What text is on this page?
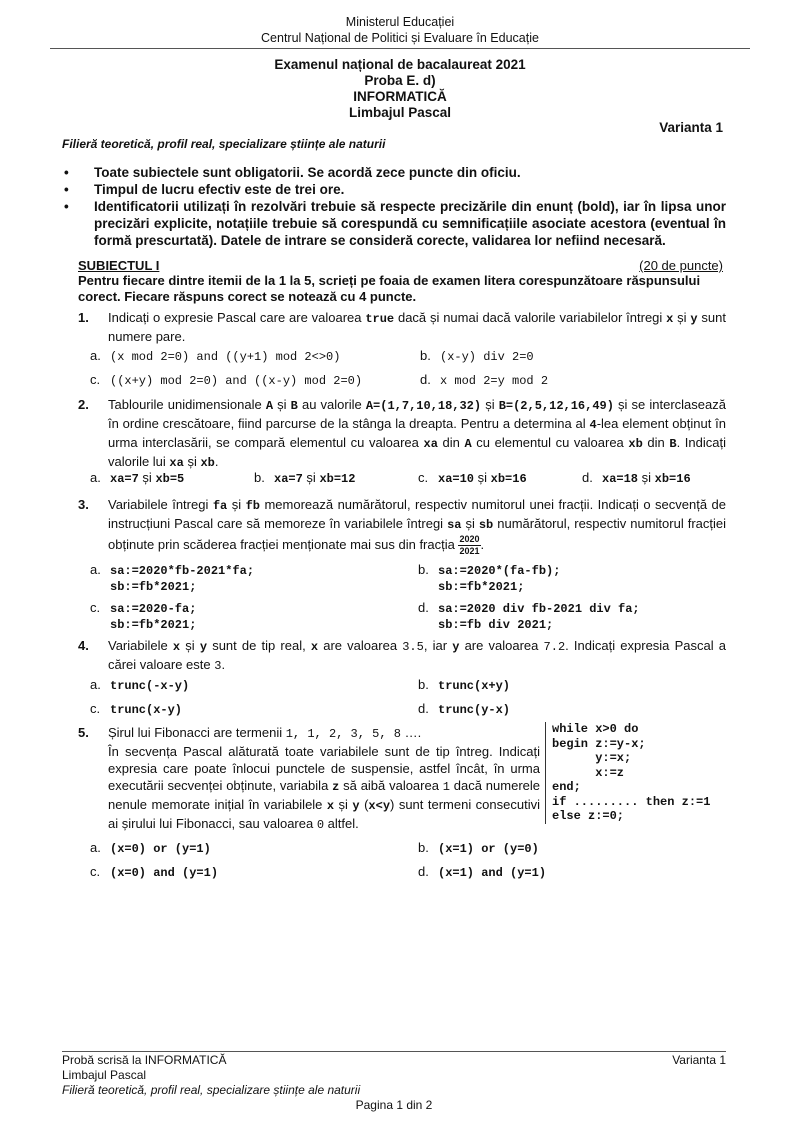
Ministerul Educației
Centrul Național de Politici și Evaluare în Educație
Examenul național de bacalaureat 2021
Proba E. d)
INFORMATICĂ
Limbajul Pascal
Varianta 1
Filieră teoretică, profil real, specializare științe ale naturii
• Toate subiectele sunt obligatorii. Se acordă zece puncte din oficiu.
• Timpul de lucru efectiv este de trei ore.
• Identificatorii utilizați în rezolvări trebuie să respecte precizările din enunț (bold), iar în lipsa unor precizări explicite, notațiile trebuie să corespundă cu semnificațiile asociate acestora (eventual în formă prescurtată). Datele de intrare se consideră corecte, validarea lor nefiind necesară.
SUBIECTUL I	(20 de puncte)
Pentru fiecare dintre itemii de la 1 la 5, scrieți pe foaia de examen litera corespunzătoare răspunsului corect. Fiecare răspuns corect se notează cu 4 puncte.
1. Indicați o expresie Pascal care are valoarea true dacă și numai dacă valorile variabilelor întregi x și y sunt numere pare.
a. (x mod 2=0) and ((y+1) mod 2<>0)	b. (x-y) div 2=0
c. ((x+y) mod 2=0) and ((x-y) mod 2=0)	d. x mod 2=y mod 2
2. Tablourile unidimensionale A și B au valorile A=(1,7,10,18,32) și B=(2,5,12,16,49) și se interclasează în ordine crescătoare, fiind parcurse de la stânga la dreapta. Pentru a determina al 4-lea element obținut în urma interclasării, se compară elementul cu valoarea xa din A cu elementul cu valoarea xb din B. Indicați valorile lui xa și xb.
a. xa=7 și xb=5	b. xa=7 și xb=12	c. xa=10 și xb=16	d. xa=18 și xb=16
3. Variabilele întregi fa și fb memorează numărătorul, respectiv numitorul unei fracții. Indicați o secvență de instrucțiuni Pascal care să memoreze în variabilele întregi sa și sb numărătorul, respectiv numitorul fracției obținute prin scăderea fracției menționate mai sus din fracția $\frac{2020}{2021}$ .
a. sa:=2020*fb-2021*fa;
sb:=fb*2021;
b. sa:=2020*(fa-fb);
sb:=fb*2021;
c. sa:=2020-fa;
sb:=fb*2021;
d. sa:=2020 div fb-2021 div fa;
sb:=fb div 2021;
4. Variabilele x și y sunt de tip real, x are valoarea 3.5, iar y are valoarea 7.2. Indicați expresia Pascal a cărei valoare este 3.
a. trunc(-x-y)	b. trunc(x+y)
c. trunc(x-y)	d. trunc(y-x)
5. Șirul lui Fibonacci are termenii 1, 1, 2, 3, 5, 8 ….
În secvența Pascal alăturată toate variabilele sunt de tip întreg. Indicați expresia care poate înlocui punctele de suspensie, astfel încât, în urma executării secvenței obținute, variabila z să aibă valoarea 1 dacă numerele nenule memorate inițial în variabilele x și y (x<y) sunt termeni consecutivi ai șirului lui Fibonacci, sau valoarea 0 altfel.
while x>0 do
begin z:=y-x;
y:=x;
x:=z
end;
if ......... then z:=1
else z:=0;
a. (x=0) or (y=1)	b. (x=1) or (y=0)
c. (x=0) and (y=1)	d. (x=1) and (y=1)
Probă scrisă la INFORMATICĂ	Varianta 1
Limbajul Pascal
Filieră teoretică, profil real, specializare științe ale naturii
Pagina 1 din 2
